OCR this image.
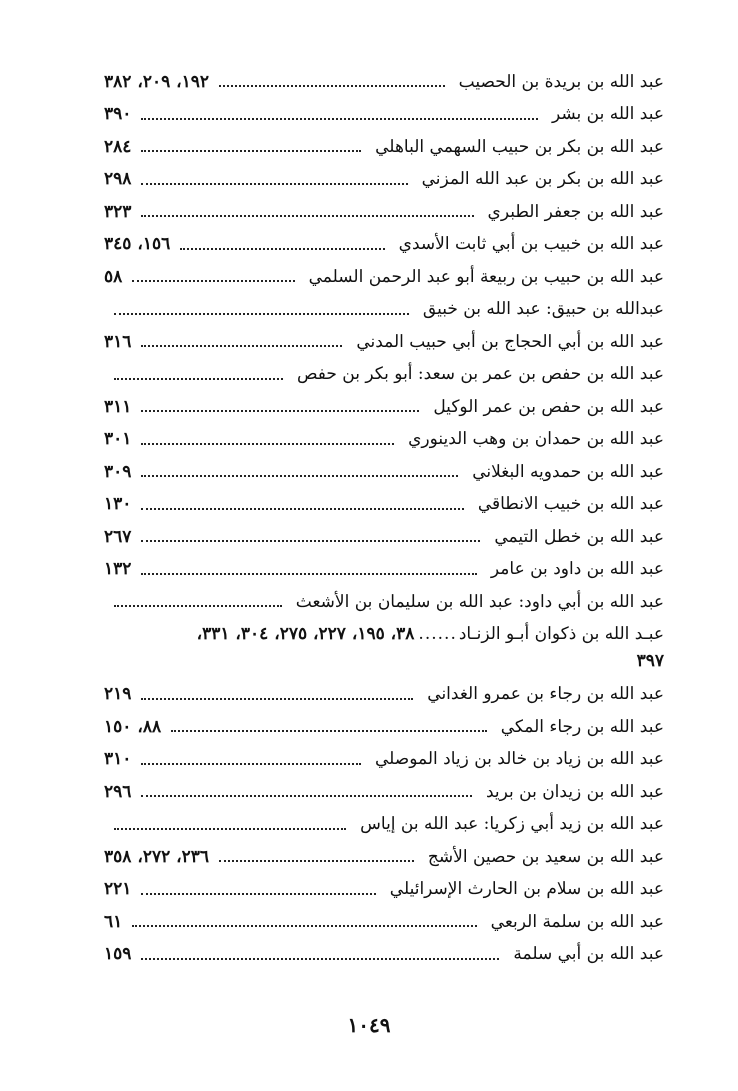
عبد الله بن بريدة بن الحصيب
١٩٢، ٢٠٩، ٣٨٢
عبد الله بن بشر
٣٩٠
عبد الله بن بكر بن حبيب السهمي الباهلي
٢٨٤
عبد الله بن بكر بن عبد الله المزني
٢٩٨
عبد الله بن جعفر الطبري
٣٢٣
عبد الله بن خبيب بن أبي ثابت الأسدي
١٥٦، ٣٤٥
عبد الله بن حبيب بن ربيعة أبو عبد الرحمن السلمي
٥٨
عبدالله بن حبيق: عبد الله بن خبيق
عبد الله بن أبي الحجاج بن أبي حبيب المدني
٣١٦
عبد الله بن حفص بن عمر بن سعد: أبو بكر بن حفص
عبد الله بن حفص بن عمر الوكيل
٣١١
عبد الله بن حمدان بن وهب الدينوري
٣٠١
عبد الله بن حمدويه البغلاني
٣٠٩
عبد الله بن خبيب الانطاقي
١٣٠
عبد الله بن خطل التيمي
٢٦٧
عبد الله بن داود بن عامر
١٣٢
عبد الله بن أبي داود: عبد الله بن سليمان بن الأشعث
عبـد الله بن ذكوان أبـو الزنـاد
......
٣٨، ١٩٥، ٢٢٧، ٢٧٥، ٣٠٤، ٣٣١،
٣٩٧
عبد الله بن رجاء بن عمرو الغداني
٢١٩
عبد الله بن رجاء المكي
٨٨، ١٥٠
عبد الله بن زياد بن خالد بن زياد الموصلي
٣١٠
عبد الله بن زيدان بن بريد
٢٩٦
عبد الله بن زيد أبي زكريا: عبد الله بن إياس
عبد الله بن سعيد بن حصين الأشج
٢٣٦، ٢٧٢، ٣٥٨
عبد الله بن سلام بن الحارث الإسرائيلي
٢٢١
عبد الله بن سلمة الربعي
٦١
عبد الله بن أبي سلمة
١٥٩
١٠٤٩
